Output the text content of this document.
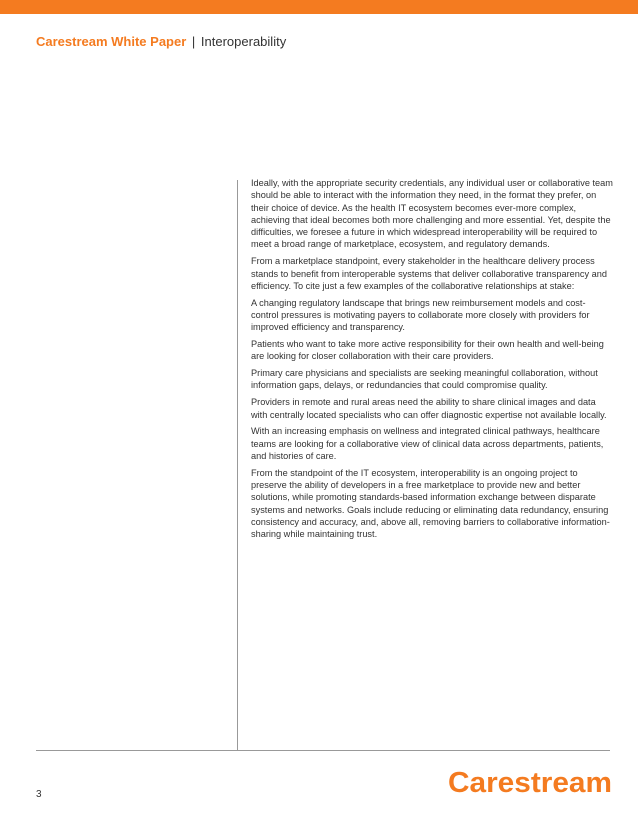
Carestream White Paper | Interoperability

Ideally, with the appropriate security credentials, any individual user or collaborative team should be able to interact with the information they need, in the format they prefer, on their choice of device. As the health IT ecosystem becomes ever-more complex, achieving that ideal becomes both more challenging and more essential. Yet, despite the difficulties, we foresee a future in which widespread interoperability will be required to meet a broad range of marketplace, ecosystem, and regulatory demands.

From a marketplace standpoint, every stakeholder in the healthcare delivery process stands to benefit from interoperable systems that deliver collaborative transparency and efficiency. To cite just a few examples of the collaborative relationships at stake:

A changing regulatory landscape that brings new reimbursement models and cost-control pressures is motivating payers to collaborate more closely with providers for improved efficiency and transparency.

Patients who want to take more active responsibility for their own health and well-being are looking for closer collaboration with their care providers.

Primary care physicians and specialists are seeking meaningful collaboration, without information gaps, delays, or redundancies that could compromise quality.

Providers in remote and rural areas need the ability to share clinical images and data with centrally located specialists who can offer diagnostic expertise not available locally.

With an increasing emphasis on wellness and integrated clinical pathways, healthcare teams are looking for a collaborative view of clinical data across departments, patients, and histories of care.

From the standpoint of the IT ecosystem, interoperability is an ongoing project to preserve the ability of developers in a free marketplace to provide new and better solutions, while promoting standards-based information exchange between disparate systems and networks. Goals include reducing or eliminating data redundancy, ensuring consistency and accuracy, and, above all, removing barriers to collaborative information-sharing while maintaining trust.

3	Carestream
